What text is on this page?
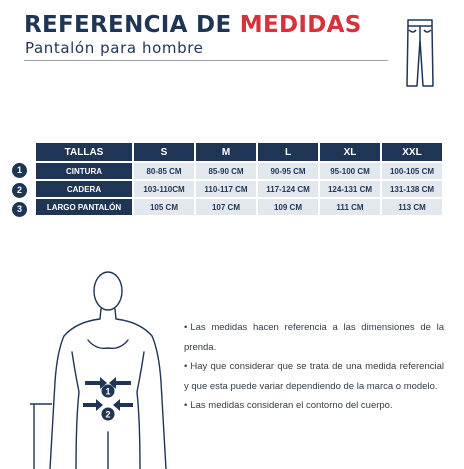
REFERENCIA DE MEDIDAS
Pantalón para hombre
TALLAS	S	M	L	XL	XXL
CINTURA	80-85 CM	85-90 CM	90-95 CM	95-100 CM	100-105 CM
CADERA	103-110CM	110-117 CM	117-124 CM	124-131 CM	131-138 CM
LARGO PANTALÓN	105 CM	107 CM	109 CM	111 CM	113 CM
1
2
3
1
2
• Las medidas hacen referencia a las dimensiones de la prenda.
• Hay que considerar que se trata de una medida referencial y que esta puede variar dependiendo de la marca o modelo.
• Las medidas consideran el contorno del cuerpo.
